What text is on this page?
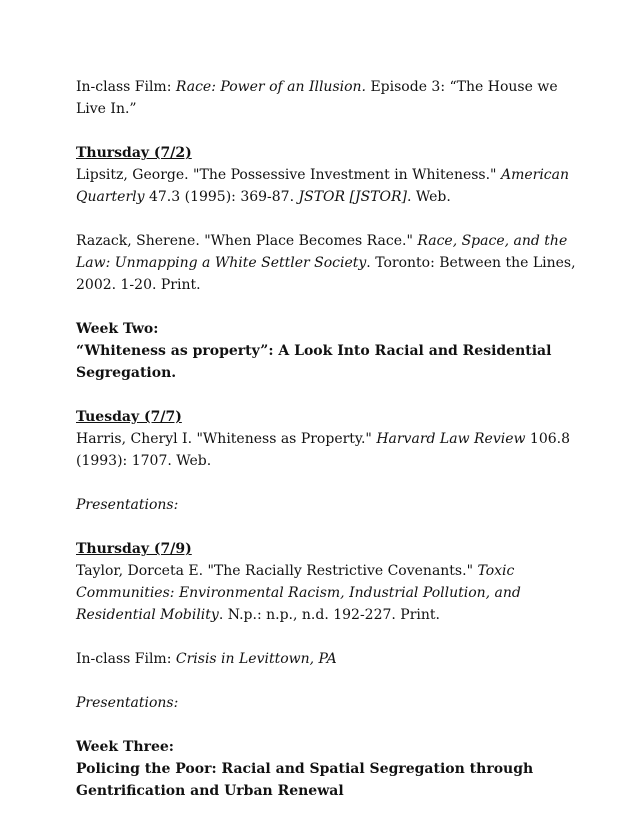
In-class Film: Race: Power of an Illusion. Episode 3: “The House we Live In.”

Thursday (7/2)
Lipsitz, George. "The Possessive Investment in Whiteness." American Quarterly 47.3 (1995): 369-87. JSTOR [JSTOR]. Web.

Razack, Sherene. "When Place Becomes Race." Race, Space, and the Law: Unmapping a White Settler Society. Toronto: Between the Lines, 2002. 1-20. Print.

Week Two:
“Whiteness as property”: A Look Into Racial and Residential Segregation.

Tuesday (7/7)
Harris, Cheryl I. "Whiteness as Property." Harvard Law Review 106.8 (1993): 1707. Web.

Presentations:

Thursday (7/9)
Taylor, Dorceta E. "The Racially Restrictive Covenants." Toxic Communities: Environmental Racism, Industrial Pollution, and Residential Mobility. N.p.: n.p., n.d. 192-227. Print.

In-class Film: Crisis in Levittown, PA

Presentations:

Week Three:
Policing the Poor: Racial and Spatial Segregation through Gentrification and Urban Renewal
